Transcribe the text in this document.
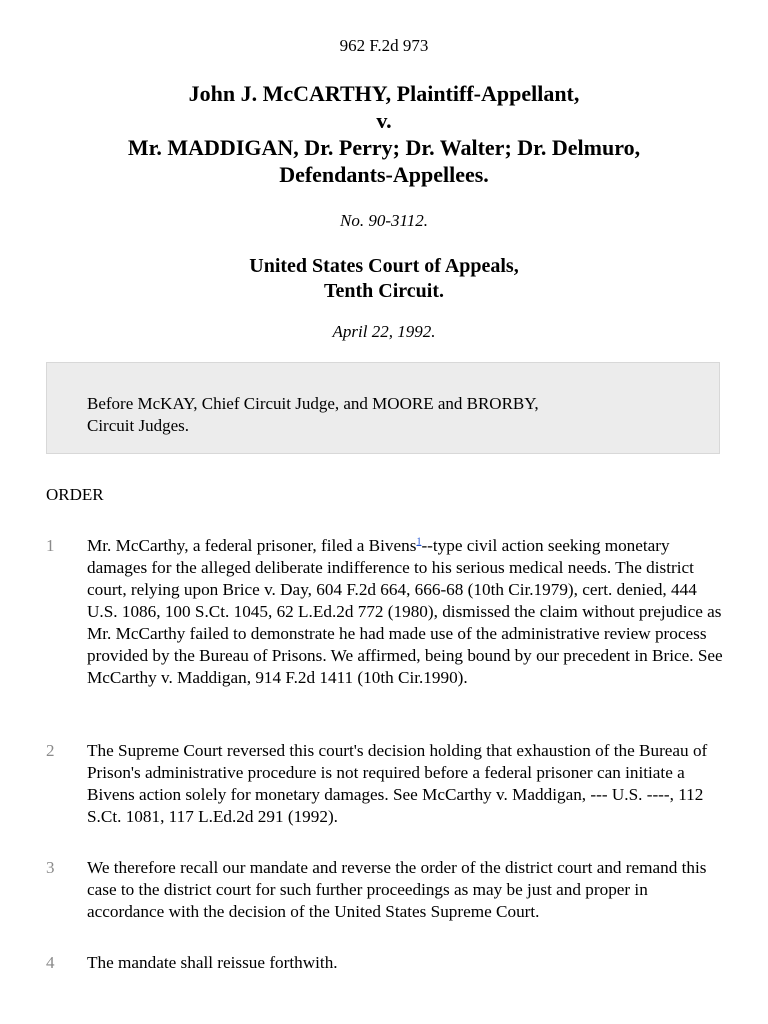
962 F.2d 973
John J. McCARTHY, Plaintiff-Appellant,
v.
Mr. MADDIGAN, Dr. Perry; Dr. Walter; Dr. Delmuro,
Defendants-Appellees.
No. 90-3112.
United States Court of Appeals,
Tenth Circuit.
April 22, 1992.
Before McKAY, Chief Circuit Judge, and MOORE and BRORBY,
Circuit Judges.
ORDER
1 Mr. McCarthy, a federal prisoner, filed a Bivens$^1$--type civil action seeking monetary damages for the alleged deliberate indifference to his serious medical needs. The district court, relying upon Brice v. Day, 604 F.2d 664, 666-68 (10th Cir.1979), cert. denied, 444 U.S. 1086, 100 S.Ct. 1045, 62 L.Ed.2d 772 (1980), dismissed the claim without prejudice as Mr. McCarthy failed to demonstrate he had made use of the administrative review process provided by the Bureau of Prisons. We affirmed, being bound by our precedent in Brice. See McCarthy v. Maddigan, 914 F.2d 1411 (10th Cir.1990).
2 The Supreme Court reversed this court's decision holding that exhaustion of the Bureau of Prison's administrative procedure is not required before a federal prisoner can initiate a Bivens action solely for monetary damages. See McCarthy v. Maddigan, --- U.S. ----, 112 S.Ct. 1081, 117 L.Ed.2d 291 (1992).
3 We therefore recall our mandate and reverse the order of the district court and remand this case to the district court for such further proceedings as may be just and proper in accordance with the decision of the United States Supreme Court.
4 The mandate shall reissue forthwith.
